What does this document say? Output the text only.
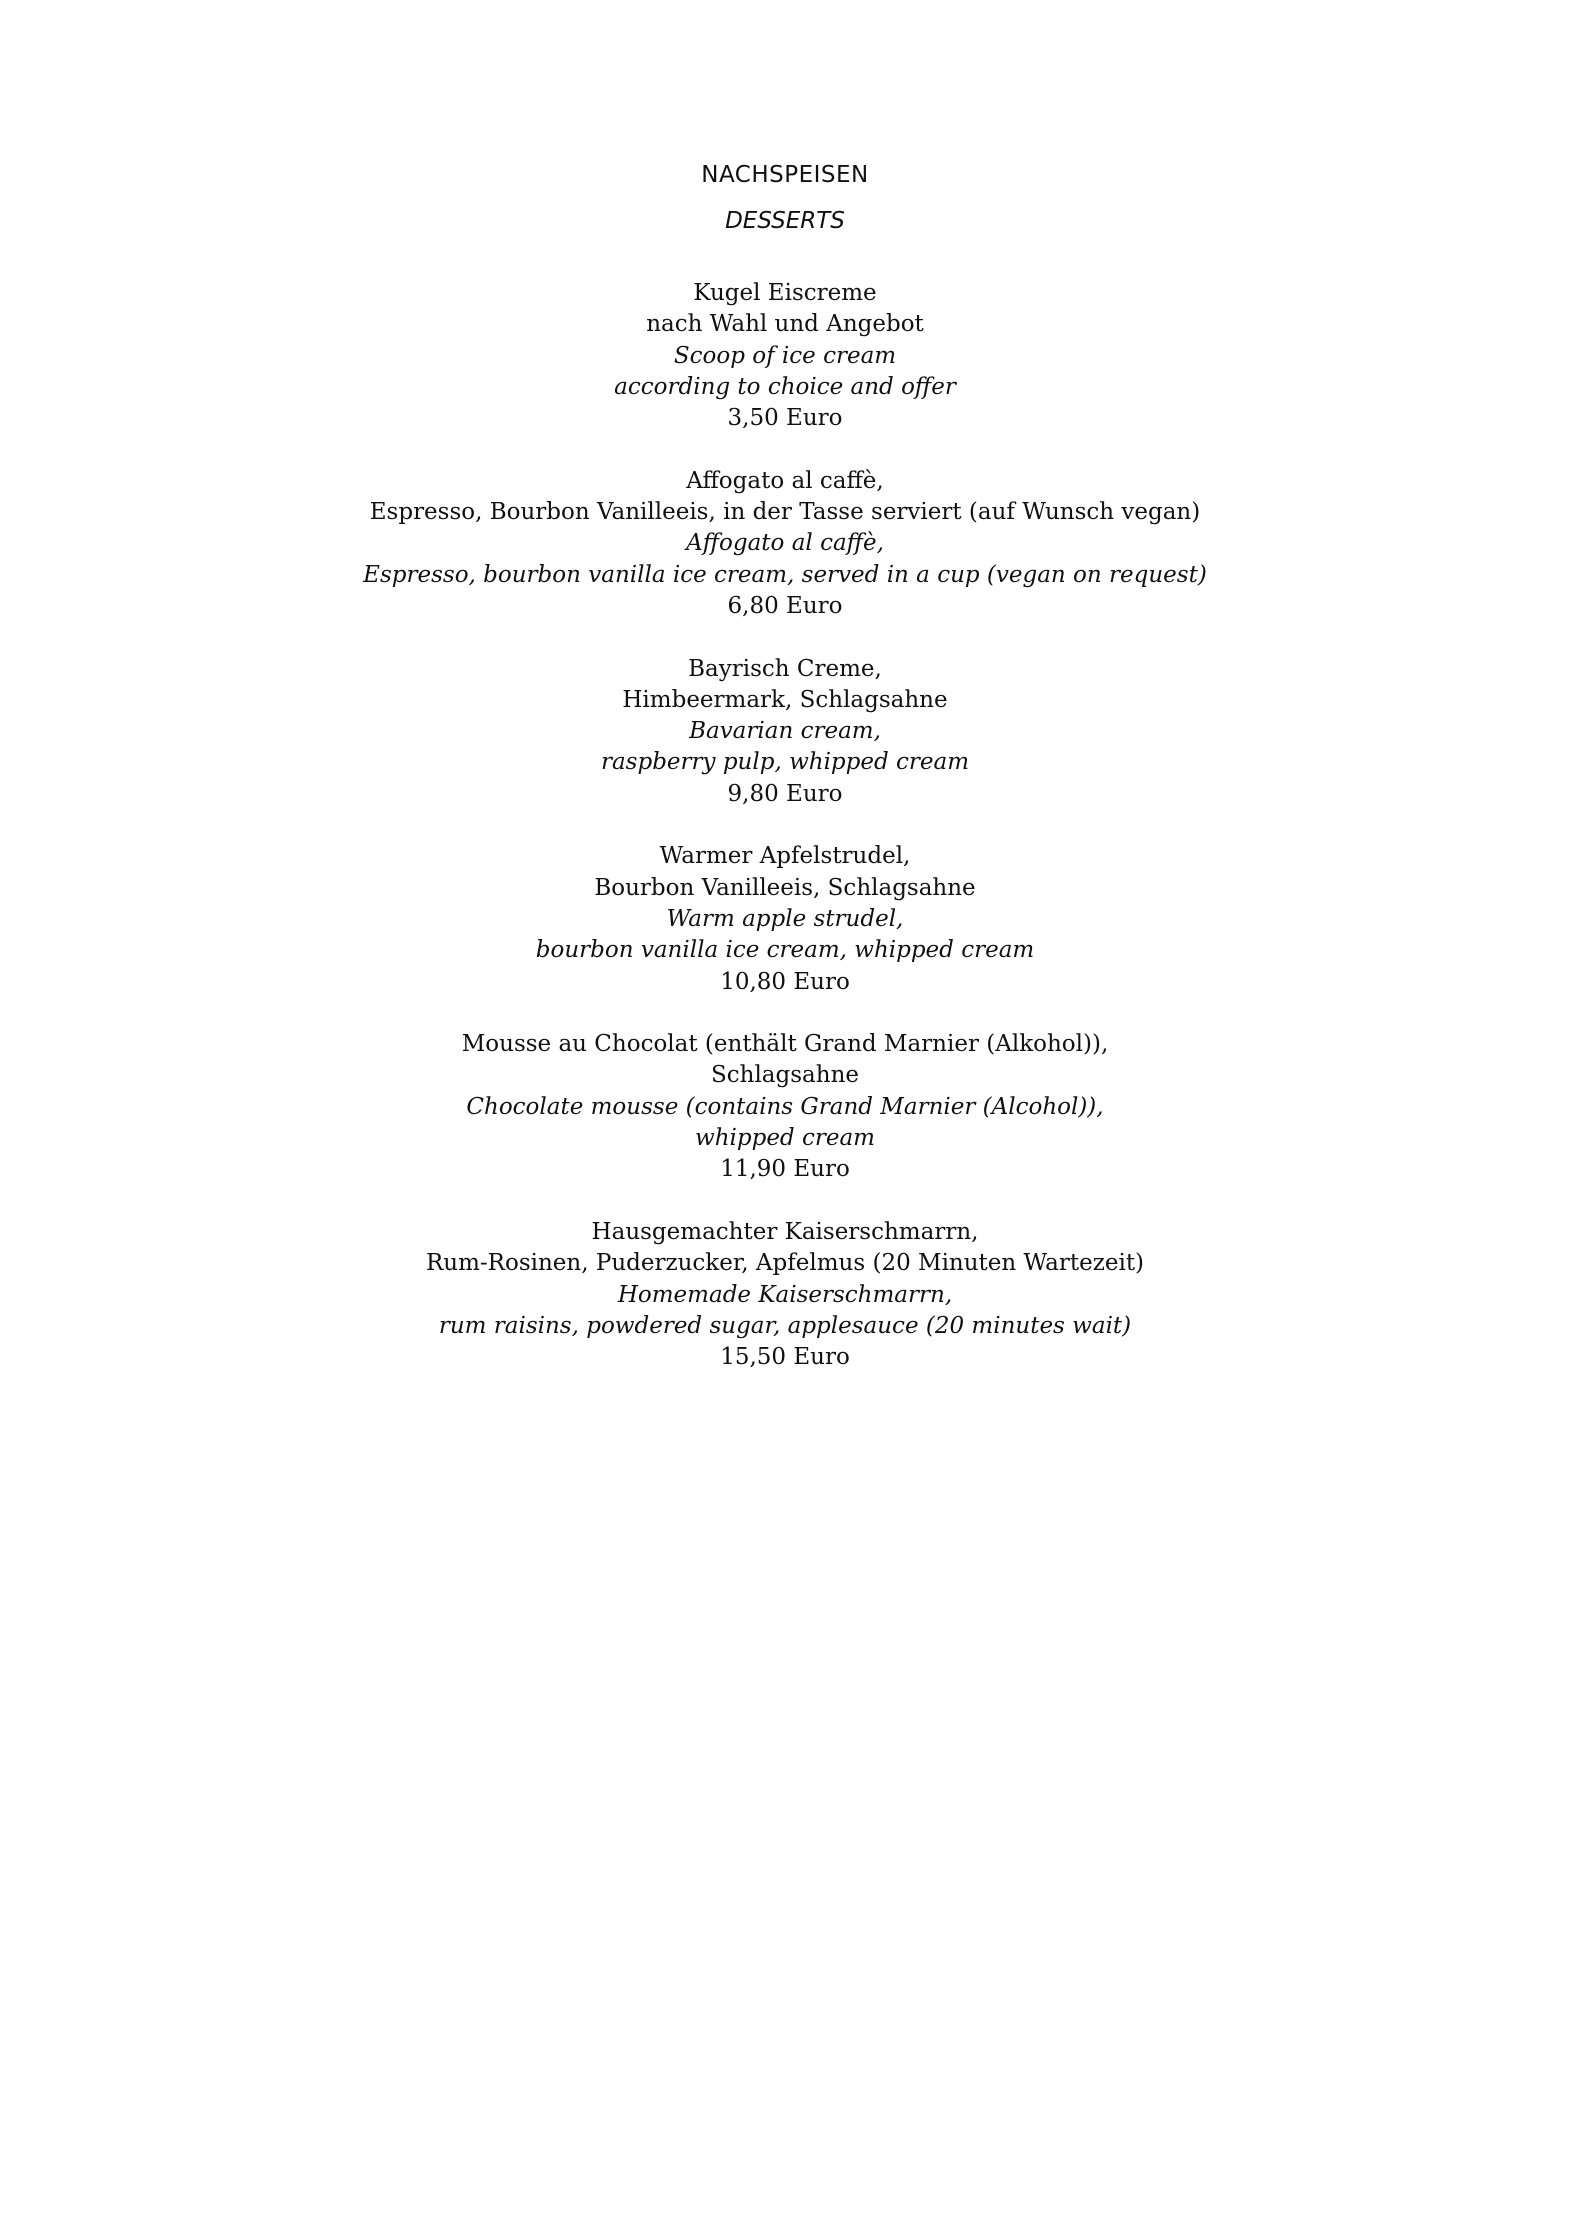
NACHSPEISEN
DESSERTS
Kugel Eiscreme
nach Wahl und Angebot
Scoop of ice cream
according to choice and offer
3,50 Euro
Affogato al caffè,
Espresso, Bourbon Vanilleeis, in der Tasse serviert (auf Wunsch vegan)
Affogato al caffè,
Espresso, bourbon vanilla ice cream, served in a cup (vegan on request)
6,80 Euro
Bayrisch Creme,
Himbeermark, Schlagsahne
Bavarian cream,
raspberry pulp, whipped cream
9,80 Euro
Warmer Apfelstrudel,
Bourbon Vanilleeis, Schlagsahne
Warm apple strudel,
bourbon vanilla ice cream, whipped cream
10,80 Euro
Mousse au Chocolat (enthält Grand Marnier (Alkohol)),
Schlagsahne
Chocolate mousse (contains Grand Marnier (Alcohol)),
whipped cream
11,90 Euro
Hausgemachter Kaiserschmarrn,
Rum-Rosinen, Puderzucker, Apfelmus (20 Minuten Wartezeit)
Homemade Kaiserschmarrn,
rum raisins, powdered sugar, applesauce (20 minutes wait)
15,50 Euro
